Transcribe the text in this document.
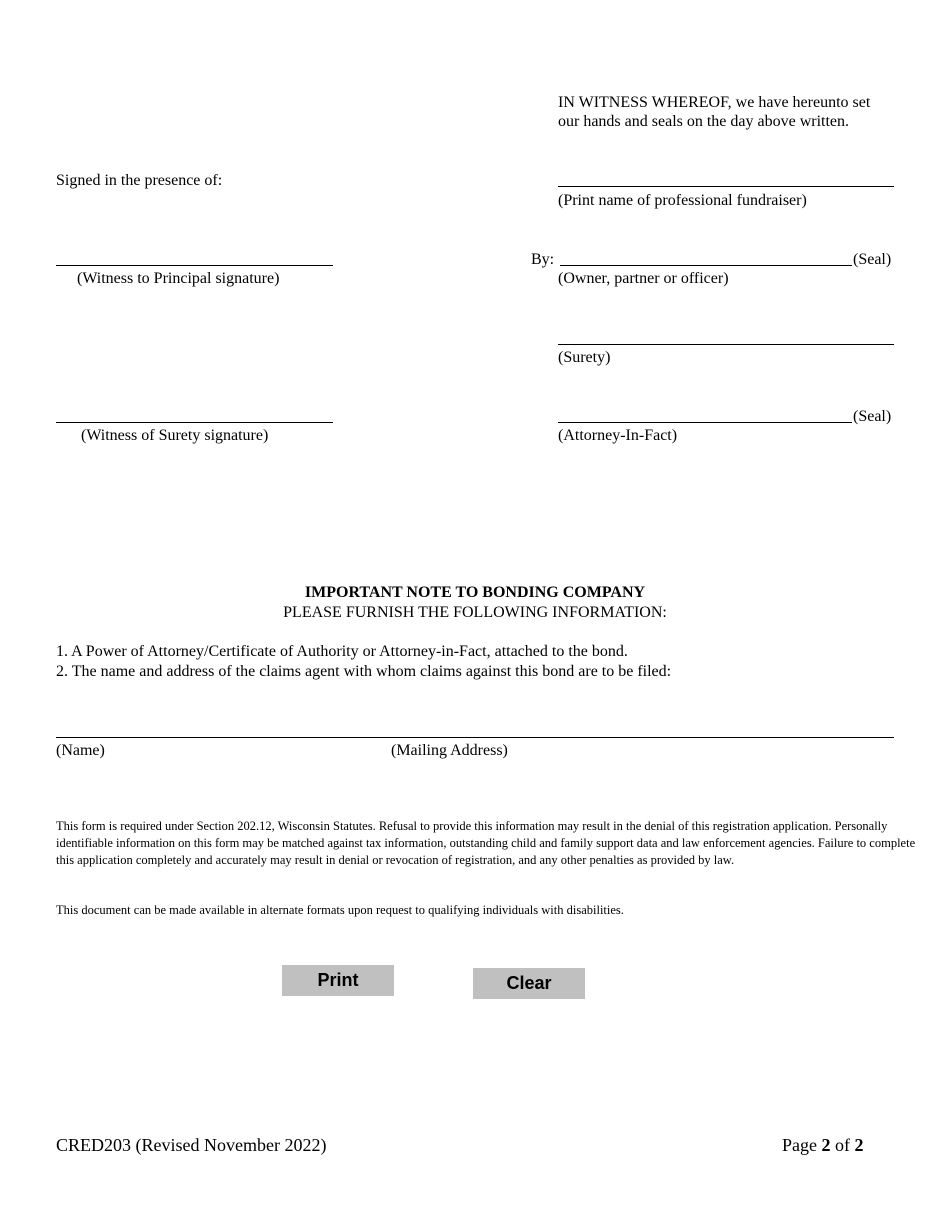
IN WITNESS WHEREOF, we have hereunto set
our hands and seals on the day above written.
Signed in the presence of:
(Print name of professional fundraiser)
By:	(Seal)
(Owner, partner or officer)
(Witness to Principal signature)
(Surety)
(Witness of Surety signature)
(Seal)
(Attorney-In-Fact)
IMPORTANT NOTE TO BONDING COMPANY
PLEASE FURNISH THE FOLLOWING INFORMATION:
1. A Power of Attorney/Certificate of Authority or Attorney-in-Fact, attached to the bond.
2. The name and address of the claims agent with whom claims against this bond are to be filed:
(Name)	(Mailing Address)
This form is required under Section 202.12, Wisconsin Statutes. Refusal to provide this information may result in the denial of this registration application. Personally identifiable information on this form may be matched against tax information, outstanding child and family support data and law enforcement agencies. Failure to complete this application completely and accurately may result in denial or revocation of registration, and any other penalties as provided by law.
This document can be made available in alternate formats upon request to qualifying individuals with disabilities.
Print	Clear
CRED203 (Revised November 2022)	Page 2 of 2
